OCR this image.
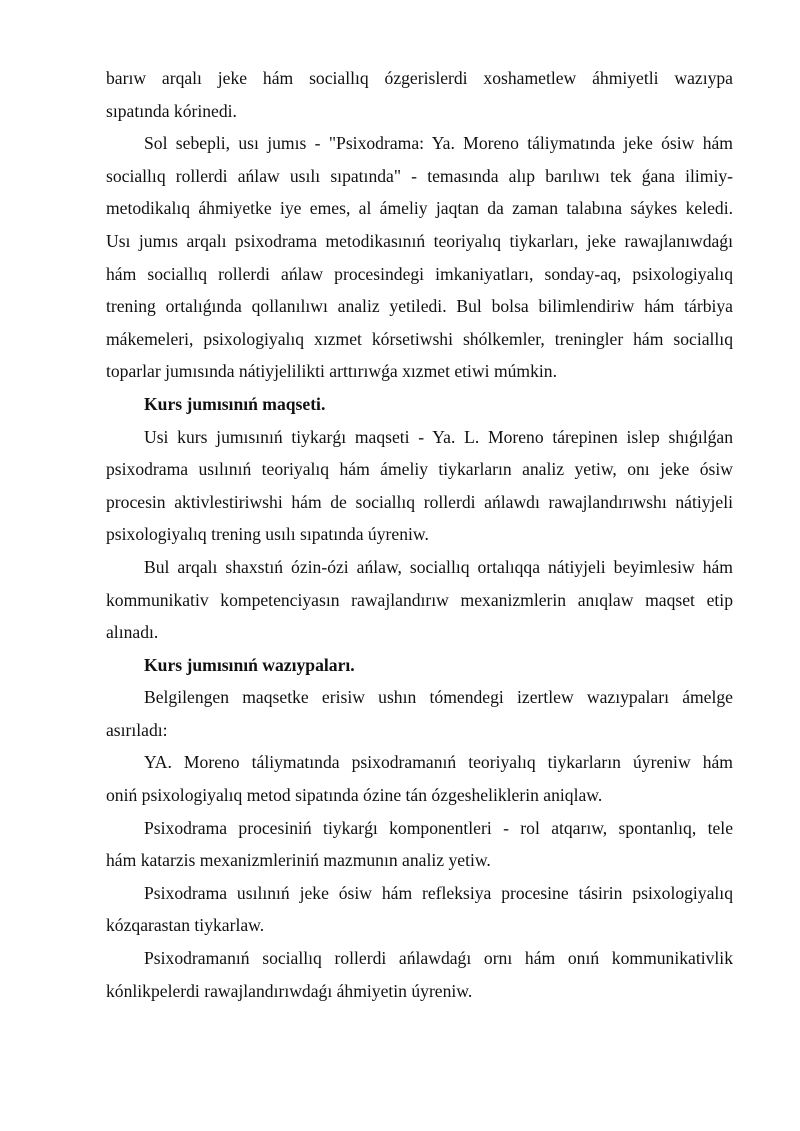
barıw arqalı jeke hám sociallıq ózgerislerdi xoshametlew áhmiyetli wazıypa
sıpatında kórinedi.
Sol sebepli, usı jumıs - "Psixodrama: Ya. Moreno táliymatında jeke ósiw hám
sociallıq rollerdi ańlaw usılı sıpatında" - temasında alıp barılıwı tek ǵana ilimiy-
metodikalıq áhmiyetke iye emes, al ámeliy jaqtan da zaman talabına sáykes keledi.
Usı jumıs arqalı psixodrama metodikasınıń teoriyalıq tiykarları, jeke rawajlanıwdaǵı
hám sociallıq rollerdi ańlaw procesindegi imkaniyatları, sonday-aq, psixologiyalıq
trening ortalıǵında qollanılıwı analiz yetiledi. Bul bolsa bilimlendiriw hám tárbiya
mákemeleri, psixologiyalıq xızmet kórsetiwshi shólkemler, treningler hám sociallıq
toparlar jumısında nátiyjelilikti arttırıwǵa xızmet etiwi múmkin.
Kurs jumısınıń maqseti.
Usi kurs jumısınıń tiykarǵı maqseti - Ya. L. Moreno tárepinen islep shıǵılǵan
psixodrama usılınıń teoriyalıq hám ámeliy tiykarların analiz yetiw, onı jeke ósiw
procesin aktivlestiriwshi hám de sociallıq rollerdi ańlawdı rawajlandırıwshı nátiyjeli
psixologiyalıq trening usılı sıpatında úyreniw.
Bul arqalı shaxstıń ózin-ózi ańlaw, sociallıq ortalıqqa nátiyjeli beyimlesiw hám
kommunikativ kompetenciyasın rawajlandırıw mexanizmlerin anıqlaw maqset etip
alınadı.
Kurs jumısınıń wazıypaları.
Belgilengen maqsetke erisiw ushın tómendegi izertlew wazıypaları ámelge
asırıladı:
YA. Moreno táliymatında psixodramanıń teoriyalıq tiykarların úyreniw hám
oniń psixologiyalıq metod sipatında ózine tán ózgesheliklerin aniqlaw.
Psixodrama procesiniń tiykarǵı komponentleri - rol atqarıw, spontanlıq, tele
hám katarzis mexanizmleriniń mazmunın analiz yetiw.
Psixodrama usılınıń jeke ósiw hám refleksiya procesine tásirin psixologiyalıq
kózqarastan tiykarlaw.
Psixodramanıń sociallıq rollerdi ańlawdaǵı ornı hám onıń kommunikativlik
kónlikpelerdi rawajlandırıwdaǵı áhmiyetin úyreniw.
